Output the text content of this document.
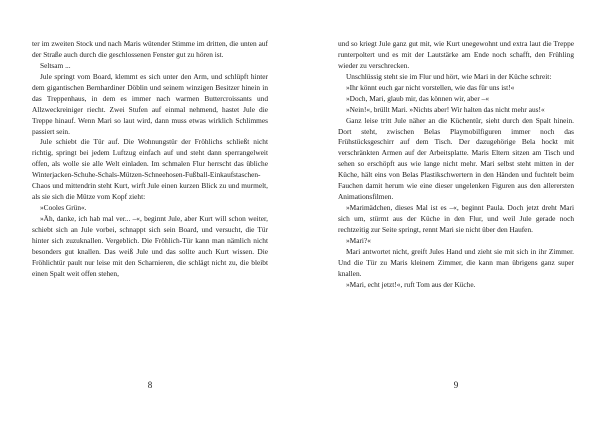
ter im zweiten Stock und nach Maris wütender Stimme im dritten, die unten auf der Straße auch durch die geschlossenen Fenster gut zu hören ist.

Seltsam ...

Jule springt vom Board, klemmt es sich unter den Arm, und schlüpft hinter dem gigantischen Bernhardiner Döblin und seinem winzigen Besitzer hinein in das Treppenhaus, in dem es immer nach warmen Buttercroissants und Allzweckreiniger riecht. Zwei Stufen auf einmal nehmend, hastet Jule die Treppe hinauf. Wenn Mari so laut wird, dann muss etwas wirklich Schlimmes passiert sein.

Jule schiebt die Tür auf. Die Wohnungstür der Fröhlichs schließt nicht richtig, springt bei jedem Luftzug einfach auf und steht dann sperrangelweit offen, als wolle sie alle Welt einladen. Im schmalen Flur herrscht das übliche Winterjacken-Schuhe-Schals-Mützen-Schneehosen-Fußball-Einkaufstaschen-Chaos und mittendrin steht Kurt, wirft Jule einen kurzen Blick zu und murmelt, als sie sich die Mütze vom Kopf zieht:

»Cooles Grün«.

»Äh, danke, ich hab mal ver... –«, beginnt Jule, aber Kurt will schon weiter, schiebt sich an Jule vorbei, schnappt sich sein Board, und versucht, die Tür hinter sich zuzuknallen. Vergeblich. Die Fröhlich-Tür kann man nämlich nicht besonders gut knallen. Das weiß Jule und das sollte auch Kurt wissen. Die Fröhlichtür pault nur leise mit den Scharnieren, die schlägt nicht zu, die bleibt einen Spalt weit offen stehen,

8

und so kriegt Jule ganz gut mit, wie Kurt unegewohnt und extra laut die Treppe runterpoltert und es mit der Lautstärke am Ende noch schafft, den Frühling wieder zu verschrecken.

Unschlüssig steht sie im Flur und hört, wie Mari in der Küche schreit:

»Ihr könnt euch gar nicht vorstellen, wie das für uns ist!«

»Doch, Mari, glaub mir, das können wir, aber –«

»Nein!«, brüllt Mari. »Nichts aber! Wir halten das nicht mehr aus!«

Ganz leise tritt Jule näher an die Küchentür, sieht durch den Spalt hinein. Dort steht, zwischen Belas Playmobilfiguren immer noch das Frühstücksgeschirr auf dem Tisch. Der dazugehörige Bela hockt mit verschränkten Armen auf der Arbeitsplatte. Maris Eltern sitzen am Tisch und sehen so erschöpft aus wie lange nicht mehr. Mari selbst steht mitten in der Küche, hält eins von Belas Plastikschwertern in den Händen und fuchtelt beim Fauchen damit herum wie eine dieser ungelenken Figuren aus den allerersten Animationsfilmen.

»Marimädchen, dieses Mal ist es –«, beginnt Paula. Doch jetzt dreht Mari sich um, stürmt aus der Küche in den Flur, und weil Jule gerade noch rechtzeitig zur Seite springt, rennt Mari sie nicht über den Haufen.

»Mari?«

Mari antwortet nicht, greift Jules Hand und zieht sie mit sich in ihr Zimmer. Und die Tür zu Maris kleinem Zimmer, die kann man übrigens ganz super knallen.

»Mari, echt jetzt!«, ruft Tom aus der Küche.

9
